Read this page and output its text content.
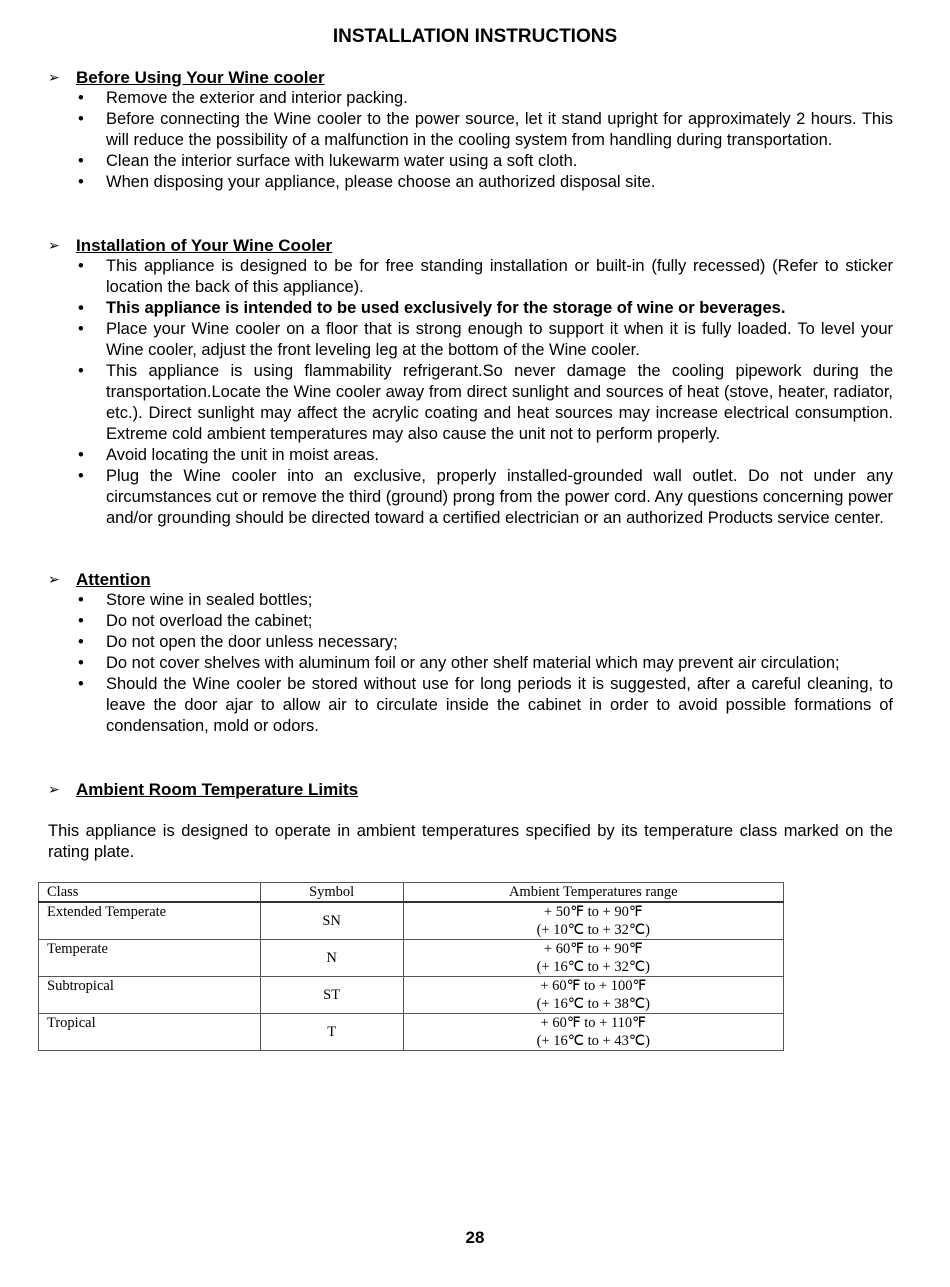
INSTALLATION INSTRUCTIONS
➢ Before Using Your Wine cooler
• Remove the exterior and interior packing.
• Before connecting the Wine cooler to the power source, let it stand upright for approximately 2 hours. This will reduce the possibility of a malfunction in the cooling system from handling during transportation.
• Clean the interior surface with lukewarm water using a soft cloth.
• When disposing your appliance, please choose an authorized disposal site.
➢ Installation of Your Wine Cooler
• This appliance is designed to be for free standing installation or built-in (fully recessed) (Refer to sticker location the back of this appliance).
• This appliance is intended to be used exclusively for the storage of wine or beverages.
• Place your Wine cooler on a floor that is strong enough to support it when it is fully loaded. To level your Wine cooler, adjust the front leveling leg at the bottom of the Wine cooler.
• This appliance is using flammability refrigerant.So never damage the cooling pipework during the transportation.Locate the Wine cooler away from direct sunlight and sources of heat (stove, heater, radiator, etc.). Direct sunlight may affect the acrylic coating and heat sources may increase electrical consumption. Extreme cold ambient temperatures may also cause the unit not to perform properly.
• Avoid locating the unit in moist areas.
• Plug the Wine cooler into an exclusive, properly installed-grounded wall outlet. Do not under any circumstances cut or remove the third (ground) prong from the power cord. Any questions concerning power and/or grounding should be directed toward a certified electrician or an authorized Products service center.
➢ Attention
• Store wine in sealed bottles;
• Do not overload the cabinet;
• Do not open the door unless necessary;
• Do not cover shelves with aluminum foil or any other shelf material which may prevent air circulation;
• Should the Wine cooler be stored without use for long periods it is suggested, after a careful cleaning, to leave the door ajar to allow air to circulate inside the cabinet in order to avoid possible formations of condensation, mold or odors.
➢ Ambient Room Temperature Limits
This appliance is designed to operate in ambient temperatures specified by its temperature class marked on the rating plate.
Class	Symbol	Ambient Temperatures range
Extended Temperate	SN	+ 50℉ to + 90℉
(+ 10℃ to + 32℃)

Temperate	N	+ 60℉ to + 90℉
(+ 16℃ to + 32℃)

Subtropical	ST	+ 60℉ to + 100℉
(+ 16℃ to + 38℃)

Tropical	T	+ 60℉ to + 110℉
(+ 16℃ to + 43℃)
28
